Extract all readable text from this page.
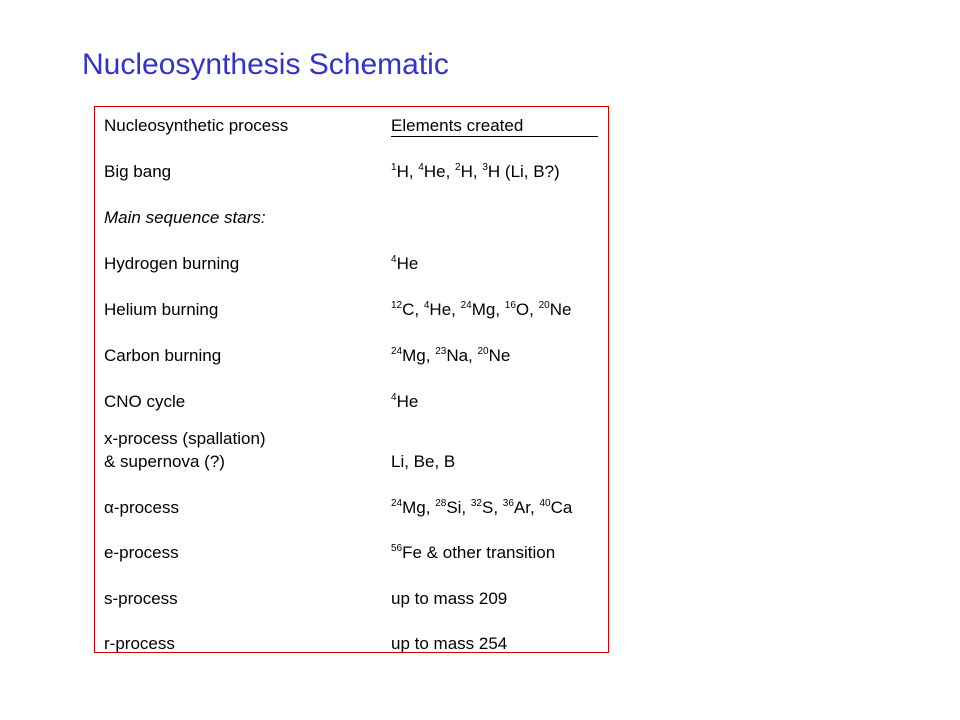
Nucleosynthesis Schematic
Nucleosynthetic process	Elements created
Big bang	$^1$H, $^4$He, $^2$H, $^3$H (Li, B?)
Main sequence stars:
Hydrogen burning	$^4$He
Helium burning	$^{12}$C, $^4$He, $^{24}$Mg, $^{16}$O, $^{20}$Ne
Carbon burning	$^{24}$Mg, $^{23}$Na, $^{20}$Ne
CNO cycle	$^4$He
x-process (spallation)
& supernova (?)	Li, Be, B
α-process	$^{24}$Mg, $^{28}$Si, $^{32}$S, $^{36}$Ar, $^{40}$Ca
e-process	$^{56}$Fe & other transition
s-process	up to mass 209
r-process	up to mass 254
